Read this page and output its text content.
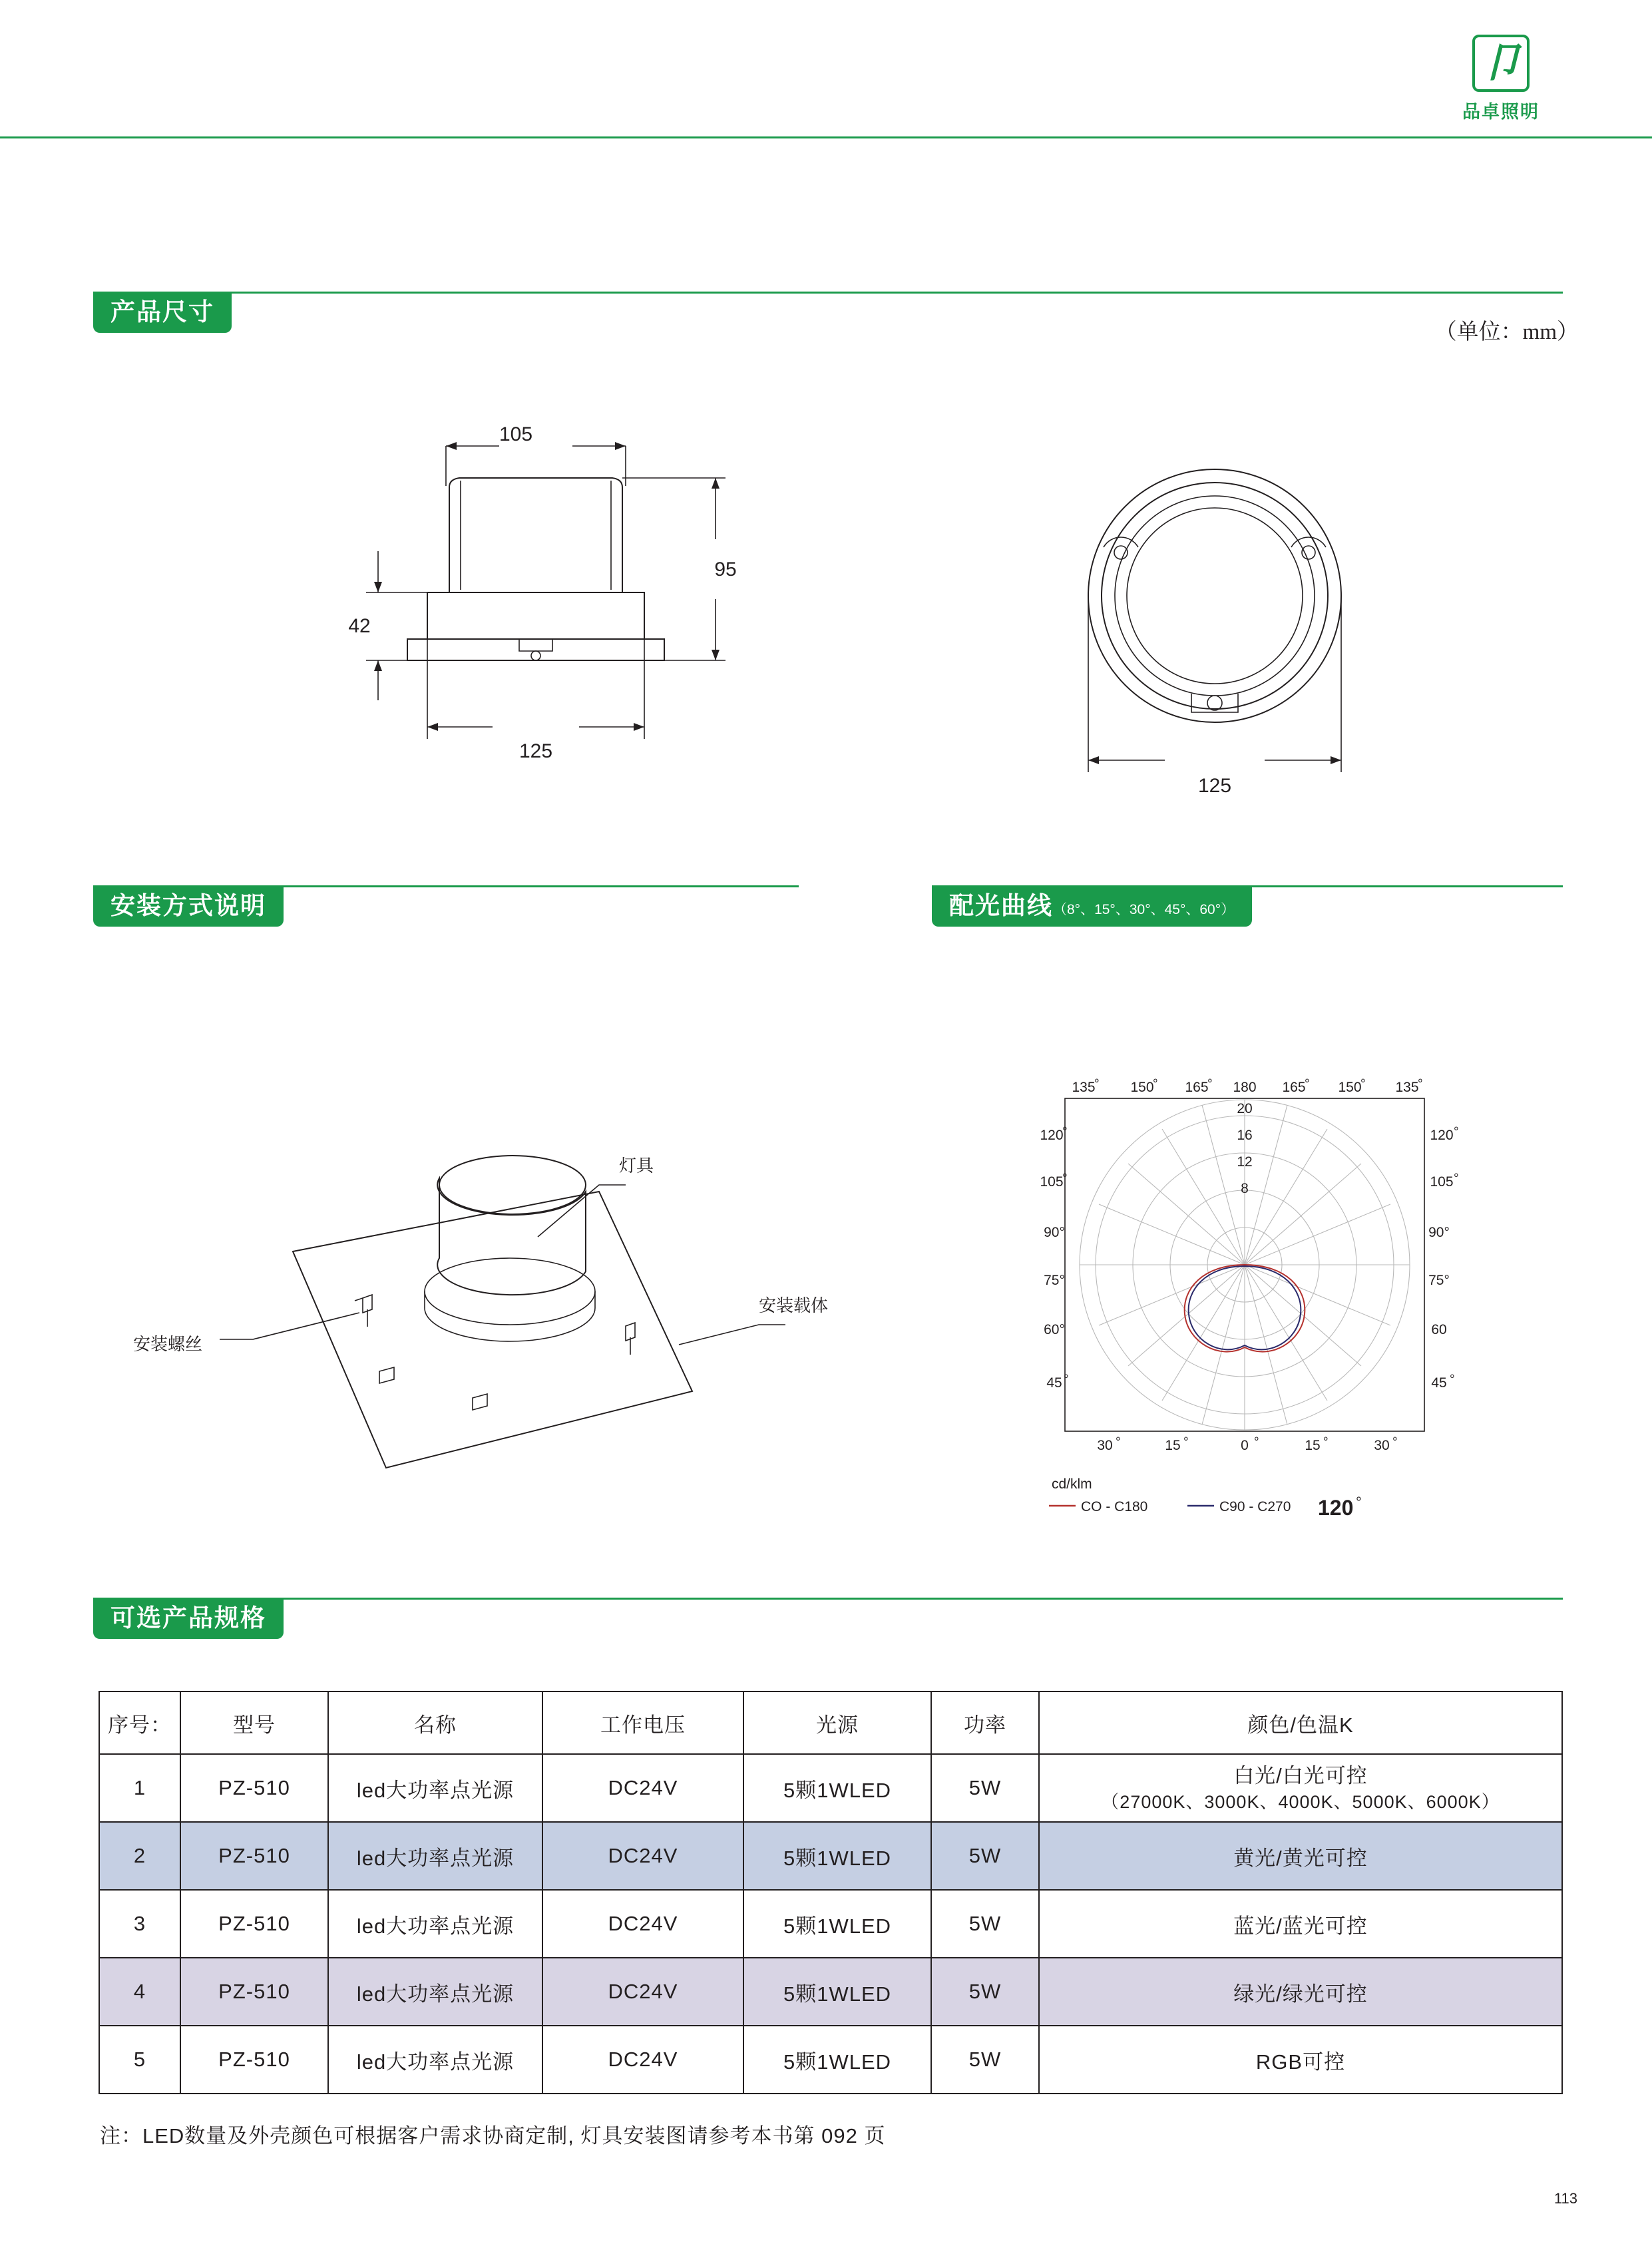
卩
品卓照明
产品尺寸
（单位：mm）
105
95
42
125
125
安装方式说明	配光曲线（8°、15°、30°、45°、60°）
灯具
安装载体
安装螺丝
135
° 150
° 165
° 180 165
° 150
° 135
°
20
16
12
8
120
°
105
°
90°
75°
60°
45 °
120 °
105 °
90°
75°
60
45 °
30 °	15 °	0 °	15 °	30 °
cd/klm
CO - C180	C90 - C270 120 °
可选产品规格
序号：	型号	名称	工作电压	光源	功率	颜色/色温K
1	PZ-510	led大功率点光源	DC24V	5颗1WLED	5W	白光/白光可控
（27000K、3000K、4000K、5000K、6000K）

2	PZ-510	led大功率点光源	DC24V	5颗1WLED	5W	黄光/黄光可控
3	PZ-510	led大功率点光源	DC24V	5颗1WLED	5W	蓝光/蓝光可控
4	PZ-510	led大功率点光源	DC24V	5颗1WLED	5W	绿光/绿光可控
5	PZ-510	led大功率点光源	DC24V	5颗1WLED	5W	RGB可控
注：LED数量及外壳颜色可根据客户需求协商定制, 灯具安装图请参考本书第 092 页
113
